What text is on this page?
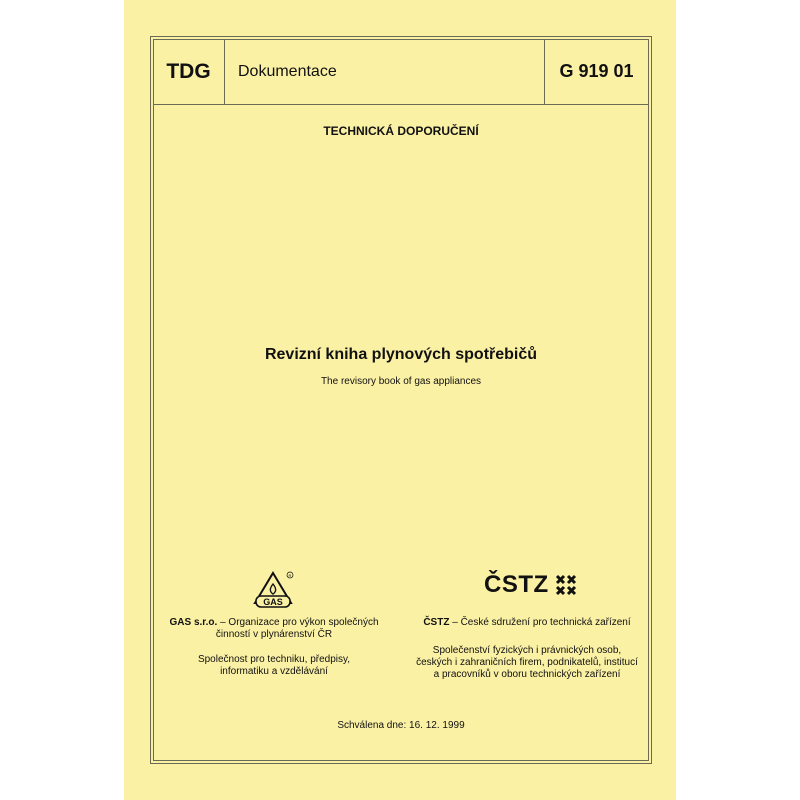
TDG	Dokumentace	G 919 01
TECHNICKÁ DOPORUČENÍ
Revizní kniha plynových spotřebičů
The revisory book of gas appliances
GAS
R	ČSTZ
GAS s.r.o. – Organizace pro výkon společných
činností v plynárenství ČR
Společnost pro techniku, předpisy,
informatiku a vzdělávání
ČSTZ – České sdružení pro technická zařízení
Společenství fyzických i právnických osob,
českých i zahraničních firem, podnikatelů, institucí
a pracovníků v oboru technických zařízení
Schválena dne: 16. 12. 1999
